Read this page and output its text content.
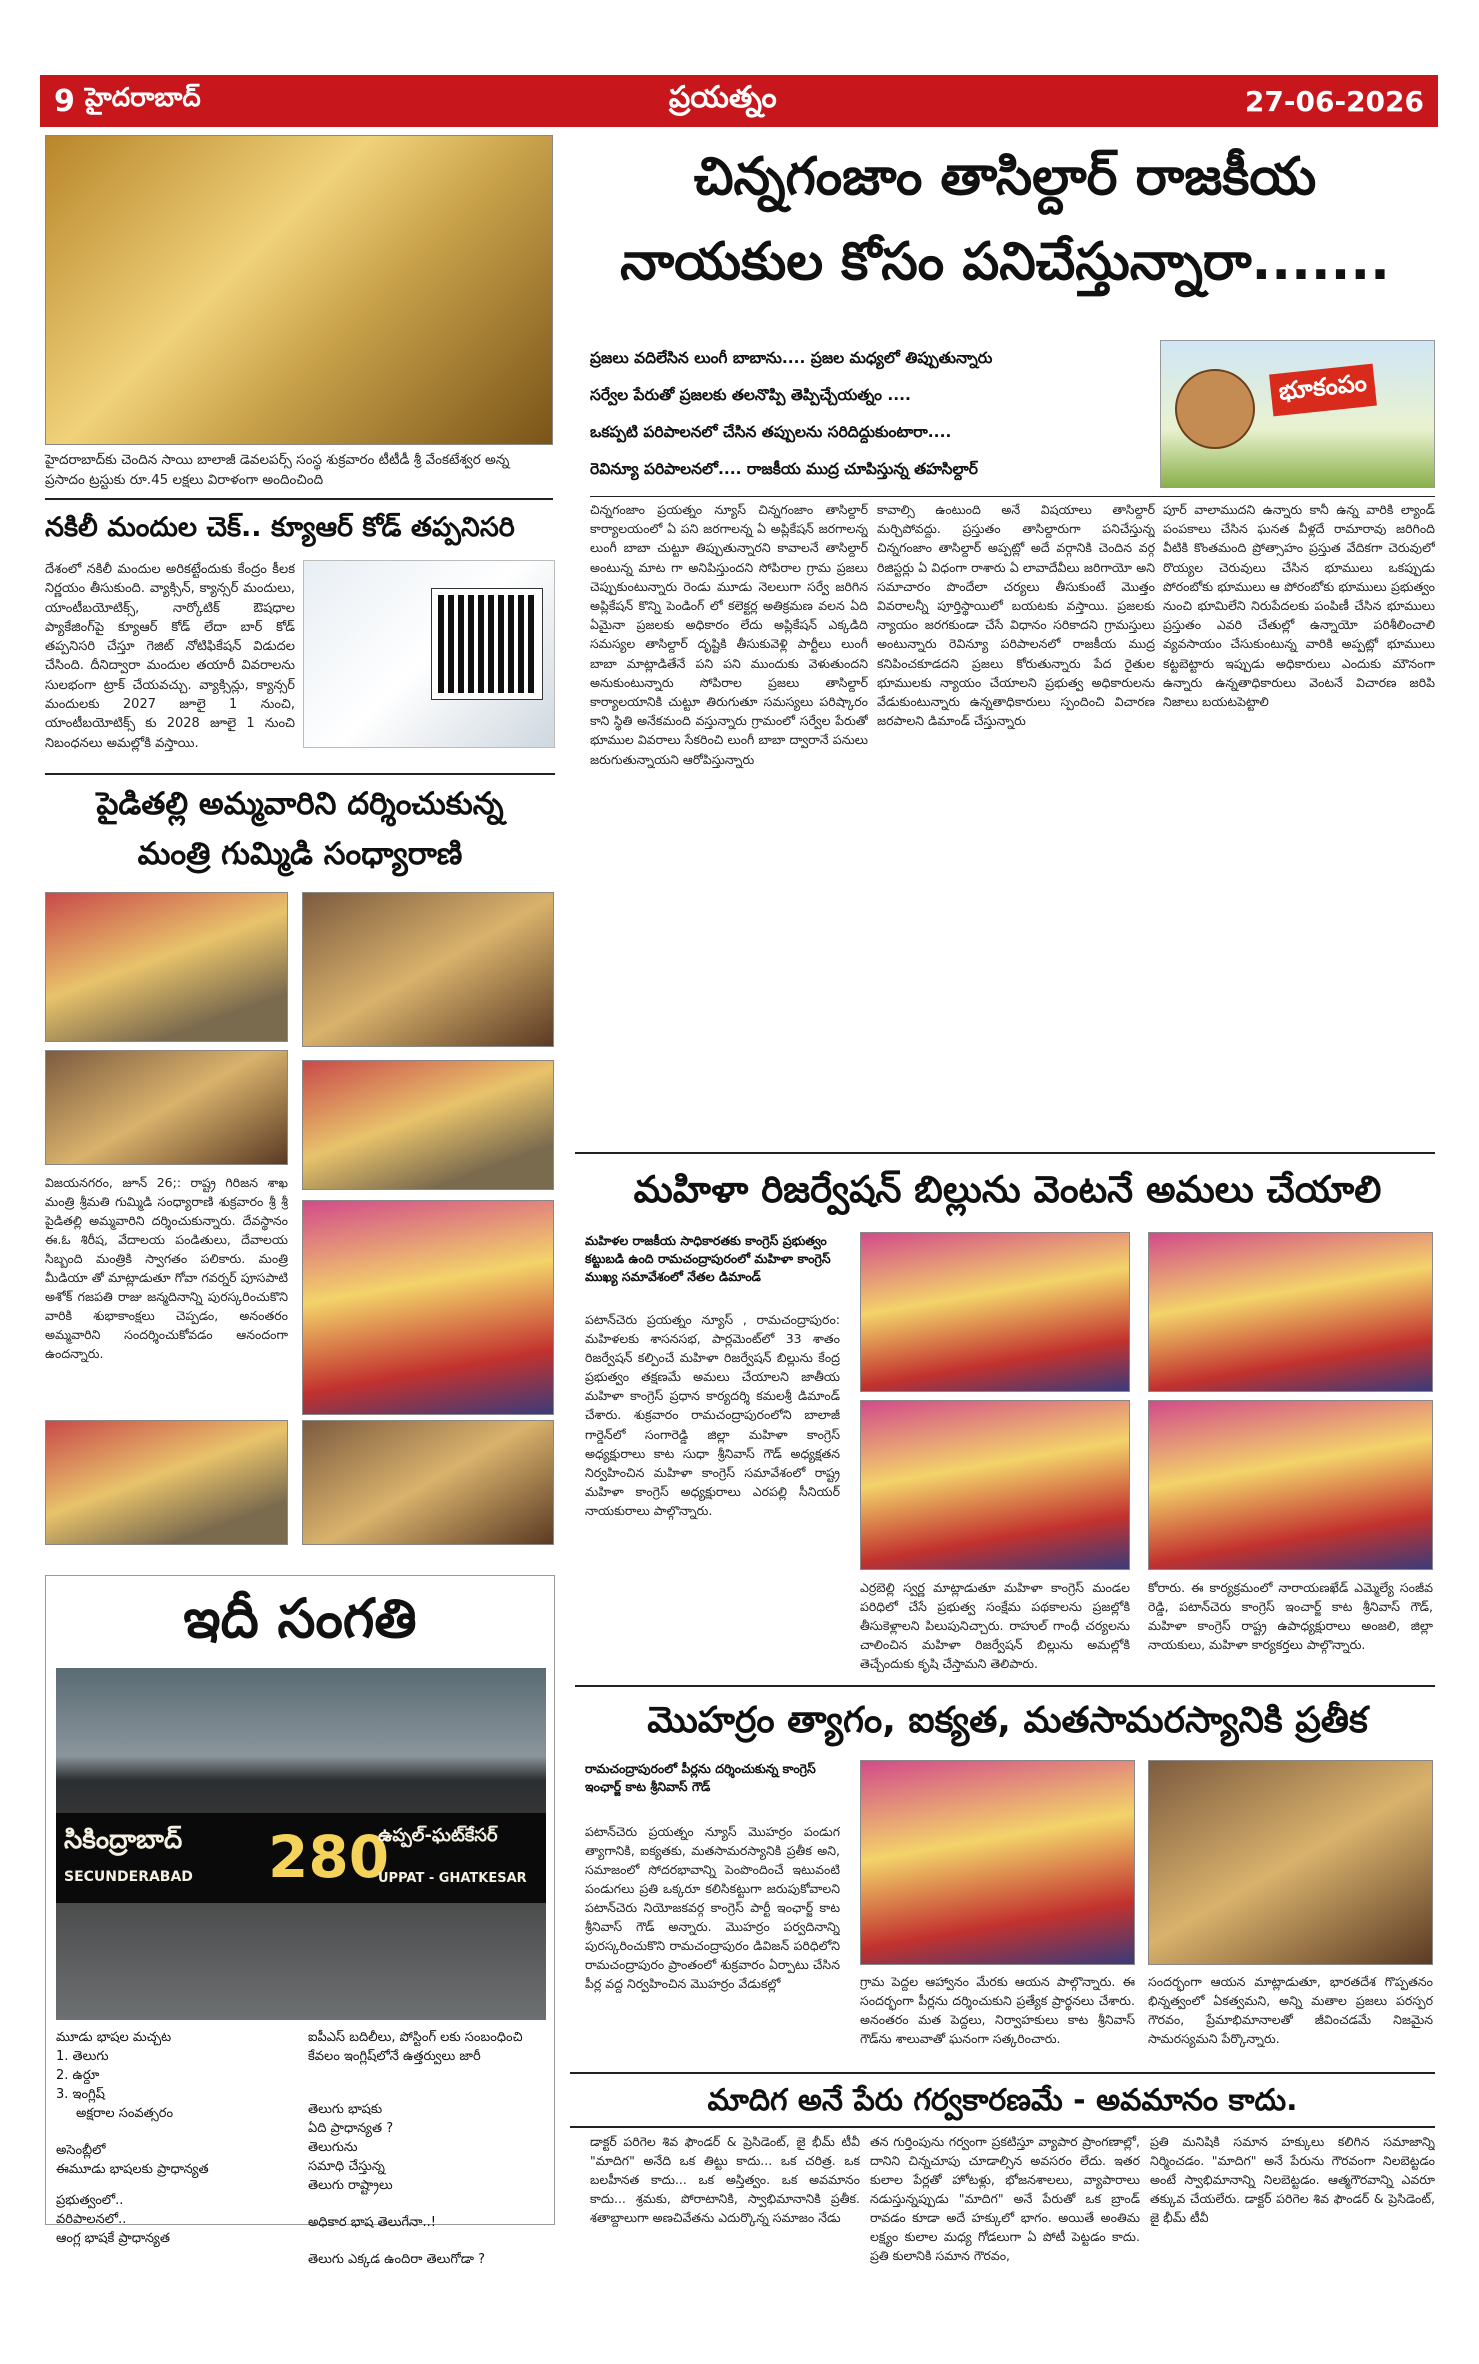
9 హైదరాబాద్	ప్రయత్నం	27-06-2026
హైదరాబాద్‌కు చెందిన సాయి బాలాజీ డెవలపర్స్ సంస్థ శుక్రవారం టీటీడీ శ్రీ వేంకటేశ్వర అన్న ప్రసాదం ట్రస్టుకు రూ.45 లక్షలు విరాళంగా అందించింది
నకిలీ మందుల చెక్.. క్యూఆర్ కోడ్ తప్పనిసరి
దేశంలో నకిలీ మందుల అరికట్టేందుకు కేంద్రం కీలక నిర్ణయం తీసుకుంది. వ్యాక్సిన్, క్యాన్సర్ మందులు, యాంటీబయోటిక్స్, నార్కోటిక్ ఔషధాల ప్యాకేజింగ్‌పై క్యూఆర్ కోడ్ లేదా బార్ కోడ్ తప్పనిసరి చేస్తూ గెజిట్ నోటిఫికేషన్ విడుదల చేసింది. దీనిద్వారా మందుల తయారీ వివరాలను సులభంగా ట్రాక్ చేయవచ్చు. వ్యాక్సిన్లు, క్యాన్సర్ మందులకు 2027 జూలై 1 నుంచి, యాంటీబయోటిక్స్ కు 2028 జూలై 1 నుంచి నిబంధనలు అమల్లోకి వస్తాయి.
పైడితల్లి అమ్మవారిని దర్శించుకున్న
మంత్రి గుమ్మిడి సంధ్యారాణి
విజయనగరం, జూన్ 26;: రాష్ట్ర గిరిజన శాఖ మంత్రి శ్రీమతి గుమ్మిడి సంధ్యారాణి శుక్రవారం శ్రీ శ్రీ పైడితల్లి అమ్మవారిని దర్శించుకున్నారు. దేవస్థానం ఈ.ఓ శిరీష, వేదాలయ పండితులు, దేవాలయ సిబ్బంది మంత్రికి స్వాగతం పలికారు. మంత్రి మీడియా తో మాట్లాడుతూ గోవా గవర్నర్ పూసపాటి అశోక్ గజపతి రాజు జన్మదినాన్ని పురస్కరించుకొని వారికి శుభాకాంక్షలు చెప్పడం, అనంతరం అమ్మవారిని సందర్శించుకోవడం ఆనందంగా ఉందన్నారు.
ఇదీ సంగతి
సికింద్రాబాద్
SECUNDERABAD 280
ఉప్పల్-ఘట్‌కేసర్
UPPAT - GHATKESAR
మూడు భాషల మచ్చట
1. తెలుగు
2. ఉర్దూ
3. ఇంగ్లిష్
అక్షరాల సంవత్సరం
అసెంబ్లీలో
ఈమూడు భాషలకు ప్రాధాన్యత
ప్రభుత్వంలో..
వరిపాలనలో..
ఆంగ్ల భాషకే ప్రాధాన్యత
ఐపీఎస్ బదిలీలు, పోస్టింగ్ లకు సంబంధించి కేవలం ఇంగ్లిష్‌లోనే ఉత్తర్వులు జారీ
తెలుగు భాషకు
ఏది ప్రాధాన్యత ?
తెలుగును
సమాధి చేస్తున్న
తెలుగు రాష్ట్రాలు
అధికార భాష తెలుగేనా..!
తెలుగు ఎక్కడ ఉందిరా తెలుగోడా ?
చిన్నగంజాం తాసిల్దార్ రాజకీయ
నాయకుల కోసం పనిచేస్తున్నారా.......
ప్రజలు వదిలేసిన లుంగీ బాబాను.... ప్రజల మధ్యలో తిప్పుతున్నారు
సర్వేల పేరుతో ప్రజలకు తలనొప్పి తెప్పిచ్చేయత్నం ....
ఒకప్పటి పరిపాలనలో చేసిన తప్పులను సరిదిద్దుకుంటారా....
రెవిన్యూ పరిపాలనలో.... రాజకీయ ముద్ర చూపిస్తున్న తహసిల్దార్
భూకంపం
చిన్నగంజాం ప్రయత్నం న్యూస్ చిన్నగంజాం తాసిల్దార్ కార్యాలయంలో ఏ పని జరగాలన్న ఏ అప్లికేషన్ జరగాలన్న లుంగీ బాబా చుట్టూ తిప్పుతున్నారని కావాలనే తాసిల్దార్ అంటున్న మాట గా అనిపిస్తుందని సోపిరాల గ్రామ ప్రజలు చెప్పుకుంటున్నారు రెండు మూడు నెలలుగా సర్వే జరిగిన అప్లికేషన్ కొన్ని పెండింగ్ లో కలెక్టర్ల అతిక్రమణ వలన ఏది ఏమైనా ప్రజలకు అధికారం లేదు అప్లికేషన్ ఎక్కడిది సమస్యల తాసిల్దార్ దృష్టికి తీసుకువెళ్లి పార్టీలు లుంగీ బాబా మాట్లాడితేనే పని పని ముందుకు వెళుతుందని అనుకుంటున్నారు సోపిరాల ప్రజలు తాసిల్దార్ కార్యాలయానికి చుట్టూ తిరుగుతూ సమస్యలు పరిష్కారం కాని స్థితి అనేకమంది వస్తున్నారు గ్రామంలో సర్వేల పేరుతో భూముల వివరాలు సేకరించి లుంగీ బాబా ద్వారానే పనులు జరుగుతున్నాయని ఆరోపిస్తున్నారు
కావాల్సి ఉంటుంది అనే విషయాలు తాసిల్దార్ మర్చిపోవద్దు. ప్రస్తుతం తాసిల్దారుగా పనిచేస్తున్న చిన్నగంజాం తాసిల్దార్ అప్పట్లో అదే వర్గానికి చెందిన వర్గ రిజిస్టర్లు ఏ విధంగా రాశారు ఏ లావాదేవీలు జరిగాయో అని సమాచారం పొందేలా చర్యలు తీసుకుంటే మొత్తం వివరాలన్నీ పూర్తిస్థాయిలో బయటకు వస్తాయి. ప్రజలకు న్యాయం జరగకుండా చేసే విధానం సరికాదని గ్రామస్తులు అంటున్నారు రెవిన్యూ పరిపాలనలో రాజకీయ ముద్ర కనిపించకూడదని ప్రజలు కోరుతున్నారు పేద రైతుల భూములకు న్యాయం చేయాలని ప్రభుత్వ అధికారులను వేడుకుంటున్నారు ఉన్నతాధికారులు స్పందించి విచారణ జరపాలని డిమాండ్ చేస్తున్నారు
పూర్ వాలాముదని ఉన్నారు కానీ ఉన్న వారికి ల్యాండ్ పంపకాలు చేసిన ఘనత వీళ్లదే రామారావు జరిగింది వీటికి కొంతమంది ప్రోత్సాహం ప్రస్తుత వేదికగా చెరువులో రొయ్యల చెరువులు చేసిన భూములు ఒకప్పుడు పోరంబోకు భూములు ఆ పోరంబోకు భూములు ప్రభుత్వం నుంచి భూమిలేని నిరుపేదలకు పంపిణీ చేసిన భూములు ప్రస్తుతం ఎవరి చేతుల్లో ఉన్నాయో పరిశీలించాలి వ్యవసాయం చేసుకుంటున్న వారికి అప్పట్లో భూములు కట్టబెట్టారు ఇప్పుడు అధికారులు ఎందుకు మౌనంగా ఉన్నారు ఉన్నతాధికారులు వెంటనే విచారణ జరిపి నిజాలు బయటపెట్టాలి
మహిళా రిజర్వేషన్ బిల్లును వెంటనే అమలు చేయాలి
మహిళల రాజకీయ సాధికారతకు కాంగ్రెస్ ప్రభుత్వం కట్టుబడి ఉంది రామచంద్రాపురంలో మహిళా కాంగ్రెస్ ముఖ్య సమావేశంలో నేతల డిమాండ్
పటాన్‌చెరు ప్రయత్నం న్యూస్ , రామచంద్రాపురం: మహిళలకు శాసనసభ, పార్లమెంట్‌లో 33 శాతం రిజర్వేషన్ కల్పించే మహిళా రిజర్వేషన్ బిల్లును కేంద్ర ప్రభుత్వం తక్షణమే అమలు చేయాలని జాతీయ మహిళా కాంగ్రెస్ ప్రధాన కార్యదర్శి కమలశ్రీ డిమాండ్ చేశారు. శుక్రవారం రామచంద్రాపురంలోని బాలాజీ గార్డెన్‌లో సంగారెడ్డి జిల్లా మహిళా కాంగ్రెస్ అధ్యక్షురాలు కాట సుధా శ్రీనివాస్ గౌడ్ అధ్యక్షతన నిర్వహించిన మహిళా కాంగ్రెస్ సమావేశంలో రాష్ట్ర మహిళా కాంగ్రెస్ అధ్యక్షురాలు ఎరపల్లి సీనియర్ నాయకురాలు పాల్గొన్నారు.
ఎర్రబెల్లి స్వర్ణ మాట్లాడుతూ మహిళా కాంగ్రెస్ మండల పరిధిలో చేసే ప్రభుత్వ సంక్షేమ పథకాలను ప్రజల్లోకి తీసుకెళ్లాలని పిలుపునిచ్చారు. రాహుల్ గాంధీ చర్యలను చాలించిన మహిళా రిజర్వేషన్ బిల్లును అమల్లోకి తెచ్చేందుకు కృషి చేస్తామని తెలిపారు.
కోరారు. ఈ కార్యక్రమంలో నారాయణఖేడ్ ఎమ్మెల్యే సంజీవ రెడ్డి, పటాన్‌చెరు కాంగ్రెస్ ఇంచార్జ్ కాట శ్రీనివాస్ గౌడ్, మహిళా కాంగ్రెస్ రాష్ట్ర ఉపాధ్యక్షురాలు అంజలి, జిల్లా నాయకులు, మహిళా కార్యకర్తలు పాల్గొన్నారు.
మొహర్రం త్యాగం, ఐక్యత, మతసామరస్యానికి ప్రతీక
రామచంద్రాపురంలో పీర్లను దర్శించుకున్న కాంగ్రెస్ ఇంఛార్జ్ కాట శ్రీనివాస్ గౌడ్
పటాన్‌చెరు ప్రయత్నం న్యూస్ మొహర్రం పండుగ త్యాగానికి, ఐక్యతకు, మతసామరస్యానికి ప్రతీక అని, సమాజంలో సోదరభావాన్ని పెంపొందించే ఇటువంటి పండుగలు ప్రతి ఒక్కరూ కలిసికట్టుగా జరుపుకోవాలని పటాన్‌చెరు నియోజకవర్గ కాంగ్రెస్ పార్టీ ఇంఛార్జ్ కాట శ్రీనివాస్ గౌడ్ అన్నారు. మొహర్రం పర్వదినాన్ని పురస్కరించుకొని రామచంద్రాపురం డివిజన్ పరిధిలోని రామచంద్రాపురం ప్రాంతంలో శుక్రవారం ఏర్పాటు చేసిన పీర్ల వద్ద నిర్వహించిన మొహర్రం వేడుకల్లో	గ్రామ పెద్దల ఆహ్వానం మేరకు ఆయన పాల్గొన్నారు. ఈ సందర్భంగా పీర్లను దర్శించుకుని ప్రత్యేక ప్రార్థనలు చేశారు. అనంతరం మత పెద్దలు, నిర్వాహకులు కాట శ్రీనివాస్ గౌడ్‌ను శాలువాతో ఘనంగా సత్కరించారు.
సందర్భంగా ఆయన మాట్లాడుతూ, భారతదేశ గొప్పతనం భిన్నత్వంలో ఏకత్వమని, అన్ని మతాల ప్రజలు పరస్పర గౌరవం, ప్రేమాభిమానాలతో జీవించడమే నిజమైన సామరస్యమని పేర్కొన్నారు.
మాదిగ అనే పేరు గర్వకారణమే - అవమానం కాదు.
డాక్టర్ పరిగెల శివ ఫౌండర్ & ప్రెసిడెంట్, జై భీమ్ టీవీ "మాదిగ" అనేది ఒక తిట్టు కాదు... ఒక చరిత్ర. ఒక బలహీనత కాదు... ఒక అస్తిత్వం. ఒక అవమానం కాదు... శ్రమకు, పోరాటానికి, స్వాభిమానానికి ప్రతీక. శతాబ్దాలుగా అణచివేతను ఎదుర్కొన్న సమాజం నేడు
తన గుర్తింపును గర్వంగా ప్రకటిస్తూ వ్యాపార ప్రాంగణాల్లో, దానిని చిన్నచూపు చూడాల్సిన అవసరం లేదు. ఇతర కులాల పేర్లతో హోటళ్లు, భోజనశాలలు, వ్యాపారాలు నడుస్తున్నప్పుడు "మాదిగ" అనే పేరుతో ఒక బ్రాండ్ రావడం కూడా అదే హక్కులో భాగం. అయితే అంతిమ లక్ష్యం కులాల మధ్య గోడలుగా ఏ పోటీ పెట్టడం కాదు. ప్రతి కులానికి సమాన గౌరవం,
ప్రతి మనిషికి సమాన హక్కులు కలిగిన సమాజాన్ని నిర్మించడం. "మాదిగ" అనే పేరును గౌరవంగా నిలబెట్టడం అంటే స్వాభిమానాన్ని నిలబెట్టడం. ఆత్మగౌరవాన్ని ఎవరూ తక్కువ చేయలేరు. డాక్టర్ పరిగెల శివ ఫౌండర్ & ప్రెసిడెంట్, జై భీమ్ టీవీ
